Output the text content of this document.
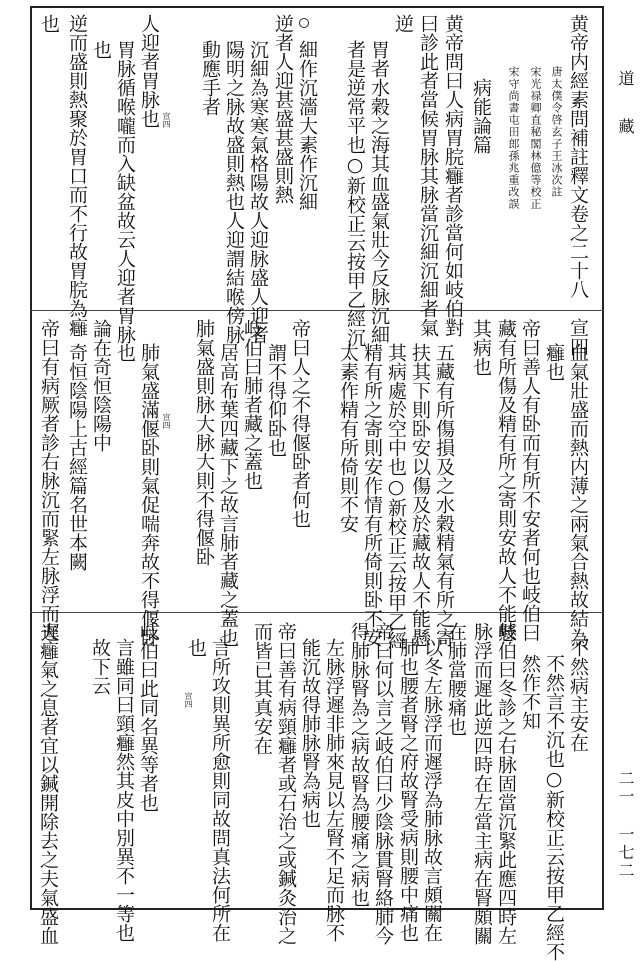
黄帝内經素問補註釋文卷之二十八　宣四
唐太僕令啓玄子王冰次註
宋光禄卿直秘閣林億等校正
宋守尚書屯田郎孫兆重改誤
病能論篇
黄帝問曰人病胃脘癰者診當何如岐伯對
曰診此者當候胃脉其脉當沉細沉細者氣
逆
胃者水穀之海其血盛氣壯今反脉沉細
者是逆常平也○新校正云按甲乙經沉
細作沉濇大素作沉細
逆者人迎甚盛甚盛則熱
沉細為寒寒氣格陽故人迎脉盛人迎者
陽明之脉故盛則熱也人迎謂結喉傍脉
動應手者
宣四
人迎者胃脉也
胃脉循喉嚨而入缺盆故云人迎者胃脉
也
逆而盛則熱聚於胃口而不行故胃脘為癰
也
血氣壯盛而熱内薄之兩氣合熱故結為
癰也
帝曰善人有卧而有所不安者何也岐伯曰
藏有所傷及精有所之寄則安故人不能懸
其病也
五藏有所傷損及之水穀精氣有所之寄
扶其下則卧安以傷及於藏故人不能懸
其病處於空中也○新校正云按甲乙經
精有所之寄則安作情有所倚則卧不安
太素作精有所倚則不安
帝曰人之不得偃卧者何也
謂不得仰卧也
岐伯曰肺者藏之蓋也
居高布葉四藏下之故言肺者藏之蓋也
肺氣盛則脉大脉大則不得偃卧
宣四
肺氣盛滿偃卧則氣促喘奔故不得偃卧
也
論在奇恒陰陽中
奇恒陰陽上古經篇名世本闕
帝曰有病厥者診右脉沉而緊左脉浮而遲
不然病主安在
不然言不沉也○新校正云按甲乙經不
然作不知
岐伯曰冬診之右脉固當沉緊此應四時左
脉浮而遲此逆四時在左當主病在腎頗關
在肺當腰痛也
以冬左脉浮而遲浮為肺脉故言頗關在
肺也腰者腎之府故腎受病則腰中痛也
帝曰何以言之岐伯曰少陰脉貫腎絡肺今
得肺脉腎為之病故腎為腰痛之病也
左脉浮遲非肺來見以左腎不足而脉不
能沉故得肺脉腎為病也
帝曰善有病頸癰者或石治之或鍼灸治之
而皆已其真安在
宣四 言所攻則異所愈則同故問真法何所在
也
岐伯曰此同名異等者也
言雖同曰頸癰然其皮中別異不一等也
故下云
夫癰氣之息者宜以鍼開除去之夫氣盛血
道
藏
二一
一七二
